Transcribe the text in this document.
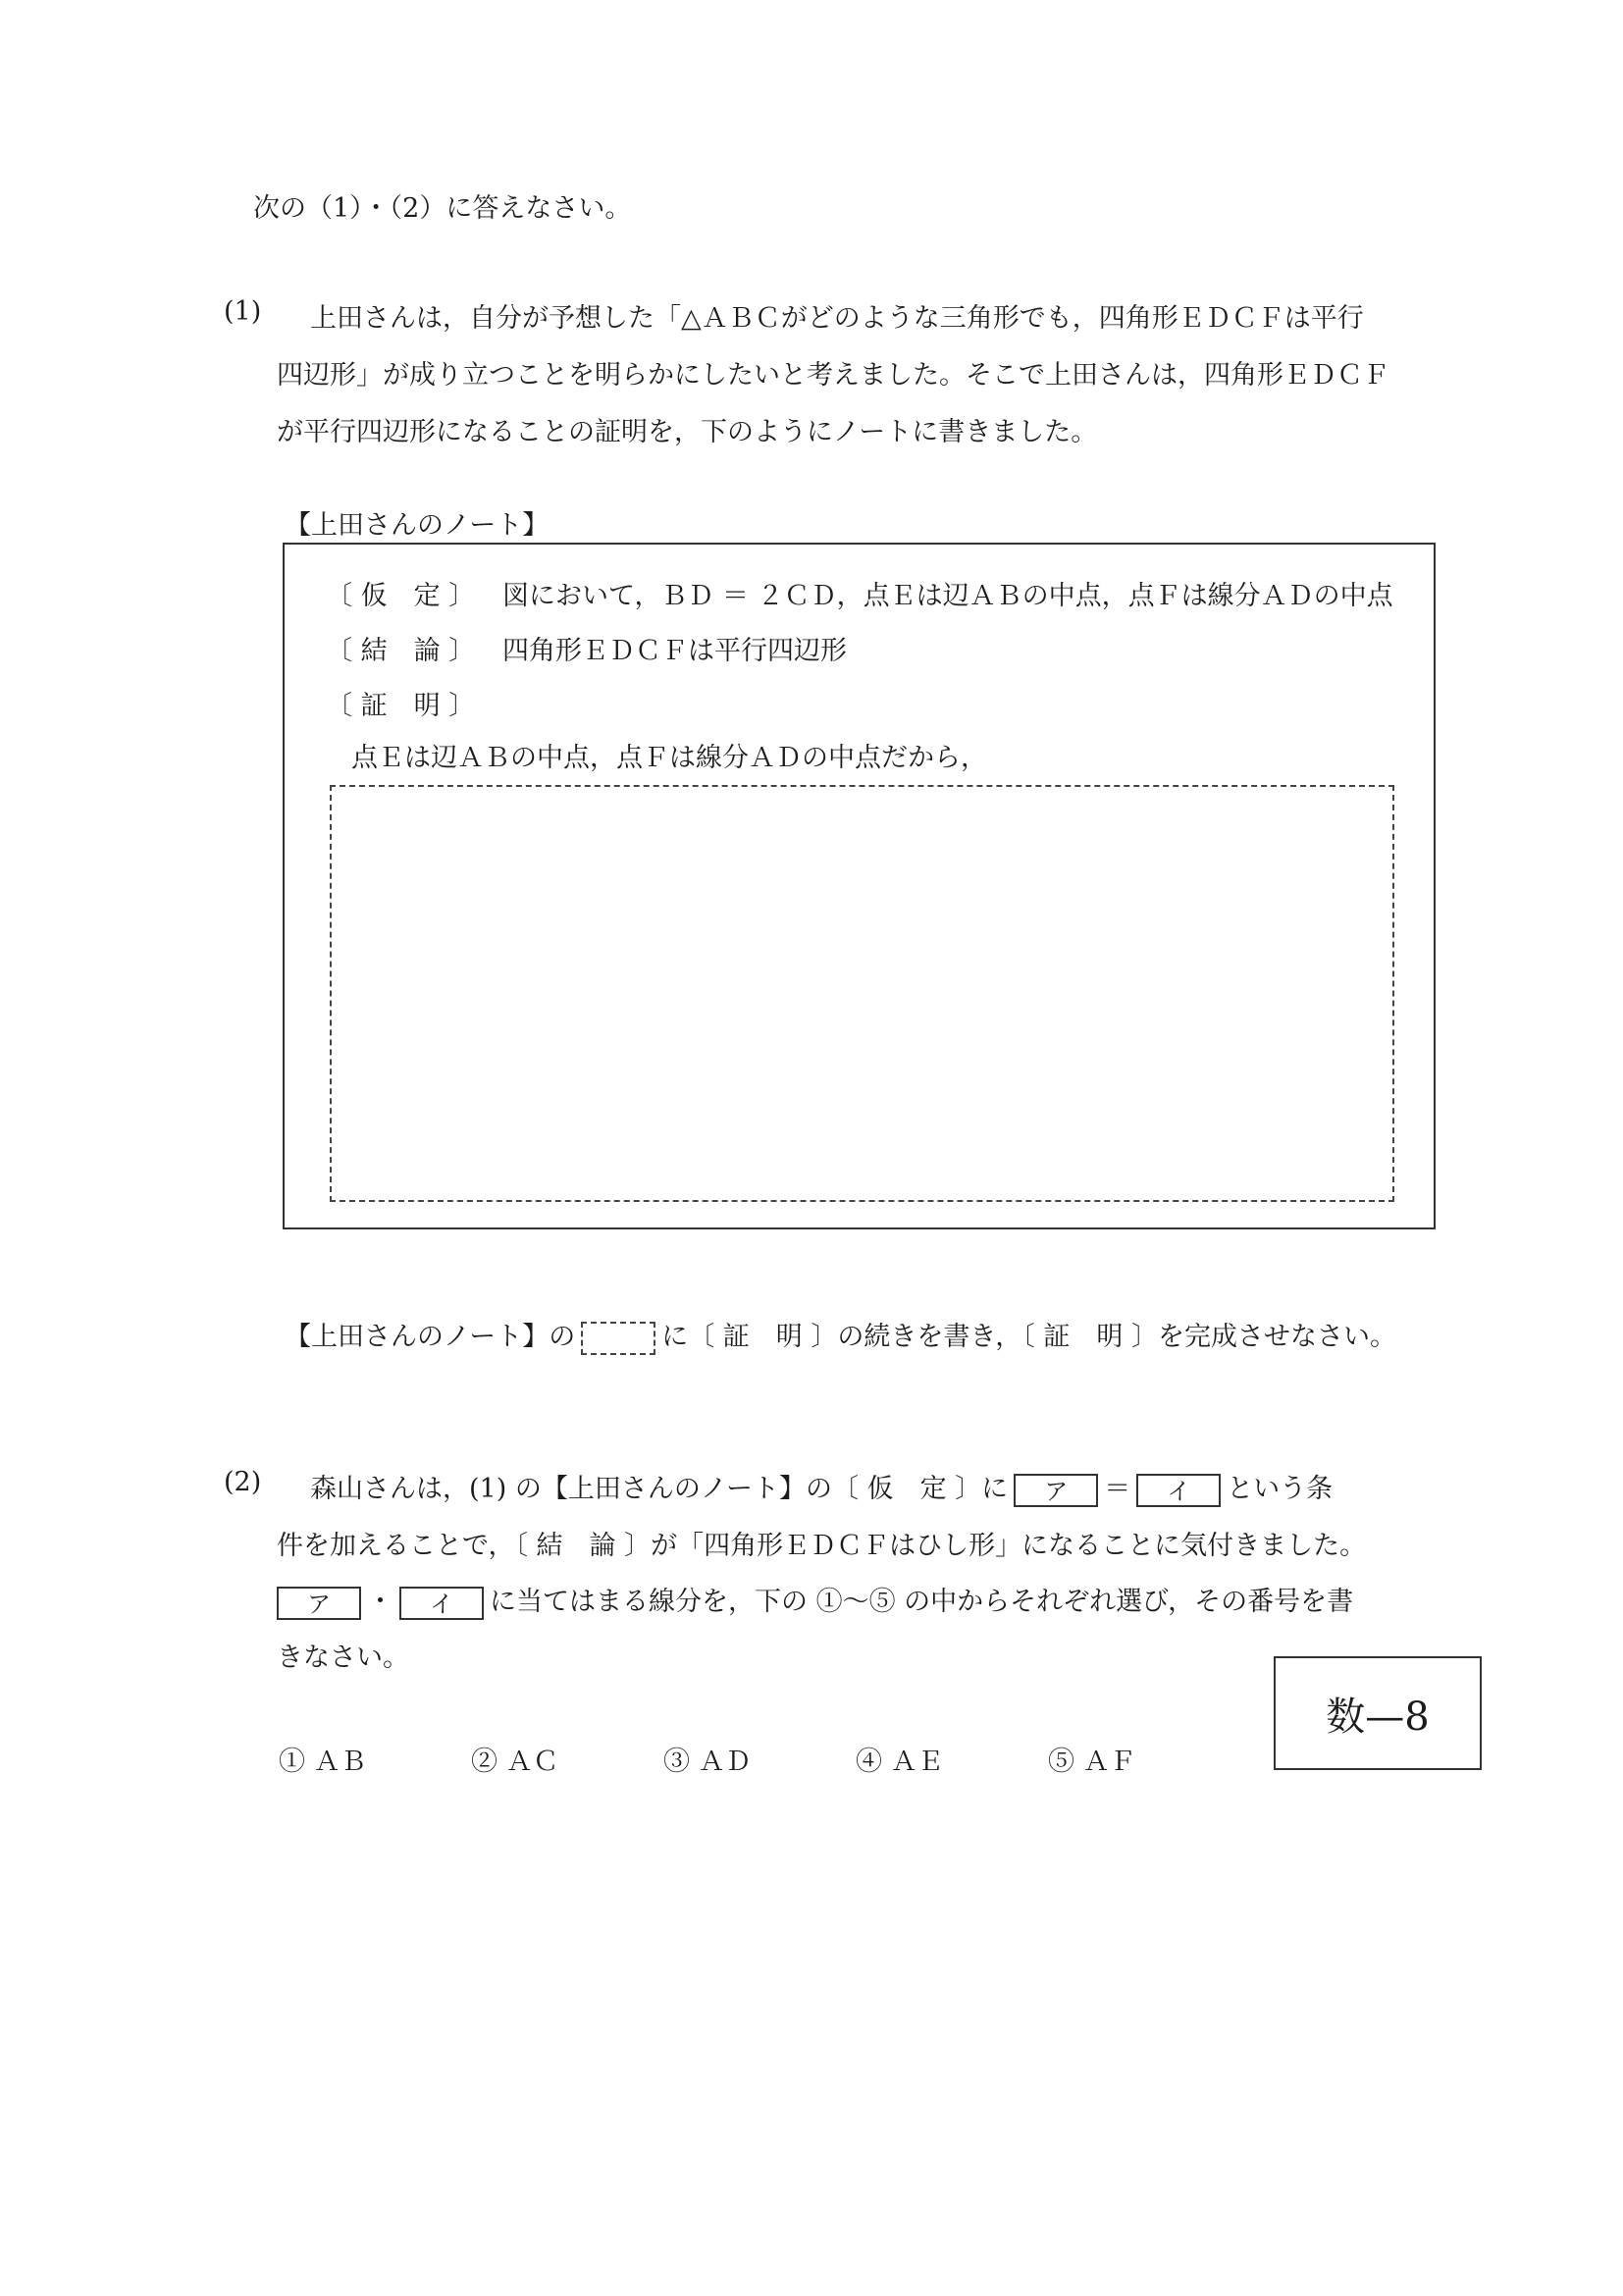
次の（1）・（2）に答えなさい。
(1) 上田さんは，自分が予想した「△ＡＢＣがどのような三角形でも，四角形ＥＤＣＦは平行
四辺形」が成り立つことを明らかにしたいと考えました。そこで上田さんは，四角形ＥＤＣＦ
が平行四辺形になることの証明を，下のようにノートに書きました。
【上田さんのノート】
〔 仮　定 〕 図において，ＢＤ ＝ ２ＣＤ，点Ｅは辺ＡＢの中点，点Ｆは線分ＡＤの中点
〔 結　論 〕 四角形ＥＤＣＦは平行四辺形
〔 証　明 〕
点Ｅは辺ＡＢの中点，点Ｆは線分ＡＤの中点だから，
【上田さんのノート】の	に〔 証　明 〕の続きを書き，〔 証　明 〕を完成させなさい。
(2) 森山さんは，(1) の【上田さんのノート】の〔 仮　定 〕に ア ＝ イ という条
件を加えることで，〔 結　論 〕が「四角形ＥＤＣＦはひし形」になることに気付きました。
ア ・ イ に当てはまる線分を，下の ①～⑤ の中からそれぞれ選び，その番号を書
きなさい。
① ＡＢ	② ＡＣ	③ ＡＤ	④ ＡＥ	⑤ ＡＦ
数—8
